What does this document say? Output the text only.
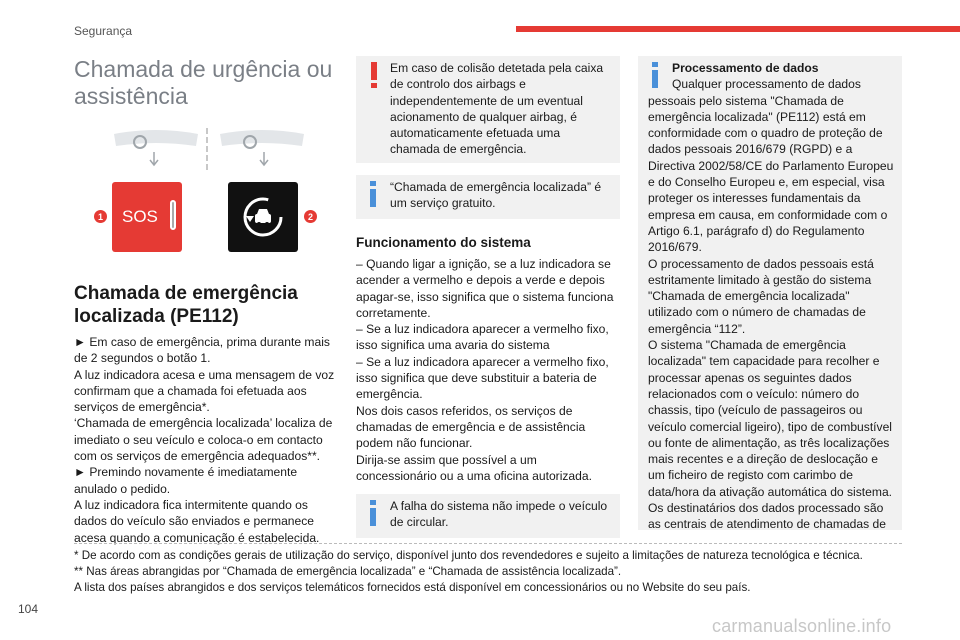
Segurança
Chamada de urgência ou assistência
1 SOS	2
Chamada de emergência localizada (PE112)

► Em caso de emergência, prima durante mais de 2 segundos o botão 1.

A luz indicadora acesa e uma mensagem de voz confirmam que a chamada foi efetuada aos serviços de emergência*.

‘Chamada de emergência localizada’ localiza de imediato o seu veículo e coloca-o em contacto com os serviços de emergência adequados**.

► Premindo novamente é imediatamente anulado o pedido.

A luz indicadora fica intermitente quando os dados do veículo são enviados e permanece acesa quando a comunicação é estabelecida.

Em caso de colisão detetada pela caixa de controlo dos airbags e independentemente de um eventual acionamento de qualquer airbag, é automaticamente efetuada uma chamada de emergência.
“Chamada de emergência localizada” é um serviço gratuito.
Funcionamento do sistema

– Quando ligar a ignição, se a luz indicadora se acender a vermelho e depois a verde e depois apagar-se, isso significa que o sistema funciona corretamente.

– Se a luz indicadora aparecer a vermelho fixo, isso significa uma avaria do sistema

– Se a luz indicadora aparecer a vermelho fixo, isso significa que deve substituir a bateria de emergência.

Nos dois casos referidos, os serviços de chamadas de emergência e de assistência podem não funcionar.

Dirija-se assim que possível a um concessionário ou a uma oficina autorizada.

A falha do sistema não impede o veículo de circular.
Processamento de dados

Qualquer processamento de dados pessoais pelo sistema "Chamada de emergência localizada" (PE112) está em conformidade com o quadro de proteção de dados pessoais 2016/679 (RGPD) e a Directiva 2002/58/CE do Parlamento Europeu e do Conselho Europeu e, em especial, visa proteger os interesses fundamentais da empresa em causa, em conformidade com o Artigo 6.1, parágrafo d) do Regulamento 2016/679.

O processamento de dados pessoais está estritamente limitado à gestão do sistema "Chamada de emergência localizada" utilizado com o número de chamadas de emergência “112”.

O sistema "Chamada de emergência localizada" tem capacidade para recolher e processar apenas os seguintes dados relacionados com o veículo: número do chassis, tipo (veículo de passageiros ou veículo comercial ligeiro), tipo de combustível ou fonte de alimentação, as três localizações mais recentes e a direção de deslocação e um ficheiro de registo com carimbo de data/hora da ativação automática do sistema.

Os destinatários dos dados processado são as centrais de atendimento de chamadas de

* De acordo com as condições gerais de utilização do serviço, disponível junto dos revendedores e sujeito a limitações de natureza tecnológica e técnica.
** Nas áreas abrangidas por “Chamada de emergência localizada” e “Chamada de assistência localizada”.
A lista dos países abrangidos e dos serviços telemáticos fornecidos está disponível em concessionários ou no Website do seu país.
104
carmanualsonline.info
